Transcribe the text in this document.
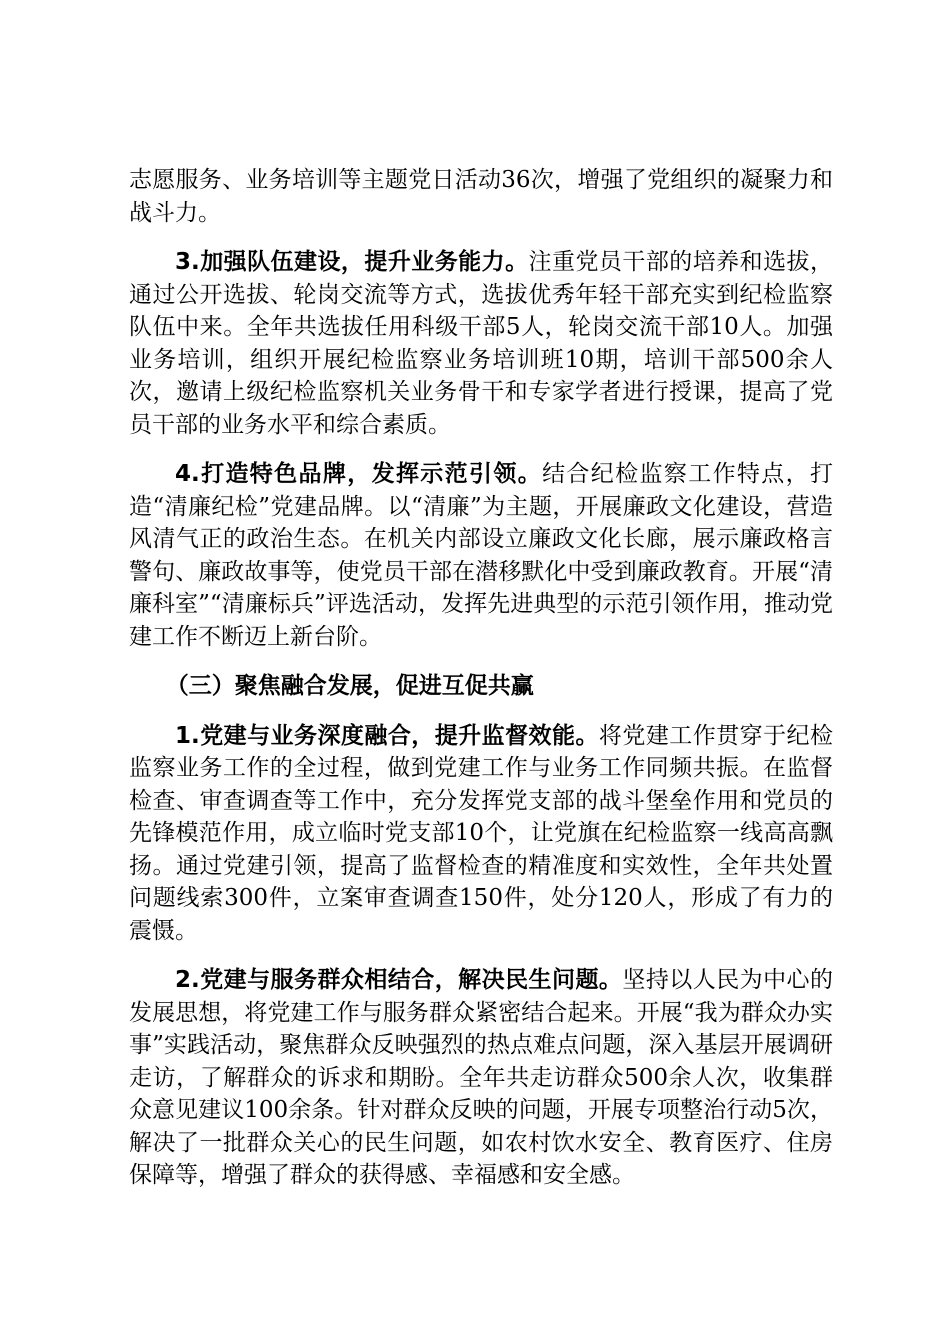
志愿服务、业务培训等主题党日活动36次，增强了党组织的凝聚力和战斗力。

3.加强队伍建设，提升业务能力。注重党员干部的培养和选拔，通过公开选拔、轮岗交流等方式，选拔优秀年轻干部充实到纪检监察队伍中来。全年共选拔任用科级干部5人，轮岗交流干部10人。加强业务培训，组织开展纪检监察业务培训班10期，培训干部500余人次，邀请上级纪检监察机关业务骨干和专家学者进行授课，提高了党员干部的业务水平和综合素质。

4.打造特色品牌，发挥示范引领。结合纪检监察工作特点，打造“清廉纪检”党建品牌。以“清廉”为主题，开展廉政文化建设，营造风清气正的政治生态。在机关内部设立廉政文化长廊，展示廉政格言警句、廉政故事等，使党员干部在潜移默化中受到廉政教育。开展“清廉科室”“清廉标兵”评选活动，发挥先进典型的示范引领作用，推动党建工作不断迈上新台阶。

（三）聚焦融合发展，促进互促共赢

1.党建与业务深度融合，提升监督效能。将党建工作贯穿于纪检监察业务工作的全过程，做到党建工作与业务工作同频共振。在监督检查、审查调查等工作中，充分发挥党支部的战斗堡垒作用和党员的先锋模范作用，成立临时党支部10个，让党旗在纪检监察一线高高飘扬。通过党建引领，提高了监督检查的精准度和实效性，全年共处置问题线索300件，立案审查调查150件，处分120人，形成了有力的震慑。

2.党建与服务群众相结合，解决民生问题。坚持以人民为中心的发展思想，将党建工作与服务群众紧密结合起来。开展“我为群众办实事”实践活动，聚焦群众反映强烈的热点难点问题，深入基层开展调研走访，了解群众的诉求和期盼。全年共走访群众500余人次，收集群众意见建议100余条。针对群众反映的问题，开展专项整治行动5次，解决了一批群众关心的民生问题，如农村饮水安全、教育医疗、住房保障等，增强了群众的获得感、幸福感和安全感。
